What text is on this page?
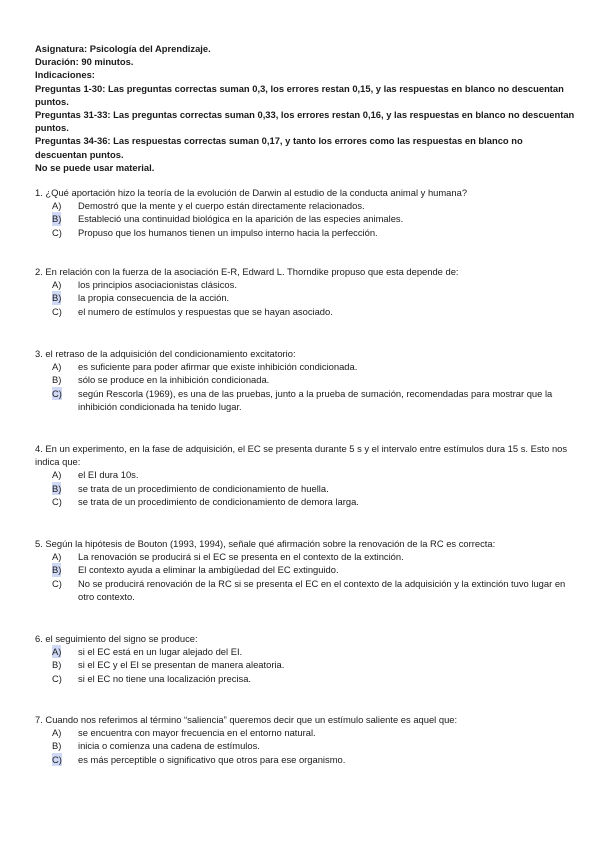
Asignatura: Psicología del Aprendizaje.
Duración: 90 minutos.
Indicaciones:
Preguntas 1-30: Las preguntas correctas suman 0,3, los errores restan 0,15, y las respuestas en blanco no descuentan puntos.
Preguntas 31-33: Las preguntas correctas suman 0,33, los errores restan 0,16, y las respuestas en blanco no descuentan puntos.
Preguntas 34-36: Las respuestas correctas suman 0,17, y tanto los errores como las respuestas en blanco no descuentan puntos.
No se puede usar material.
1. ¿Qué aportación hizo la teoría de la evolución de Darwin al estudio de la conducta animal y humana?
A) Demostró que la mente y el cuerpo están directamente relacionados.
B) Estableció una continuidad biológica en la aparición de las especies animales.
C) Propuso que los humanos tienen un impulso interno hacia la perfección.
2. En relación con la fuerza de la asociación E-R, Edward L. Thorndike propuso que esta depende de:
A) los principios asociacionistas clásicos.
B) la propia consecuencia de la acción.
C) el numero de estímulos y respuestas que se hayan asociado.
3. el retraso de la adquisición del condicionamiento excitatorio:
A) es suficiente para poder afirmar que existe inhibición condicionada.
B) sólo se produce en la inhibición condicionada.
C) según Rescorla (1969), es una de las pruebas, junto a la prueba de sumación, recomendadas para mostrar que la inhibición condicionada ha tenido lugar.
4. En un experimento, en la fase de adquisición, el EC se presenta durante 5 s y el intervalo entre estímulos dura 15 s. Esto nos indica que:
A) el EI dura 10s.
B) se trata de un procedimiento de condicionamiento de huella.
C) se trata de un procedimiento de condicionamiento de demora larga.
5. Según la hipótesis de Bouton (1993, 1994), señale qué afirmación sobre la renovación de la RC es correcta:
A) La renovación se producirá si el EC se presenta en el contexto de la extinción.
B) El contexto ayuda a eliminar la ambigüedad del EC extinguido.
C) No se producirá renovación de la RC si se presenta el EC en el contexto de la adquisición y la extinción tuvo lugar en otro contexto.
6. el seguimiento del signo se produce:
A) si el EC está en un lugar alejado del EI.
B) si el EC y el EI se presentan de manera aleatoria.
C) si el EC no tiene una localización precisa.
7. Cuando nos referimos al término “saliencia” queremos decir que un estímulo saliente es aquel que:
A) se encuentra con mayor frecuencia en el entorno natural.
B) inicia o comienza una cadena de estímulos.
C) es más perceptible o significativo que otros para ese organismo.
